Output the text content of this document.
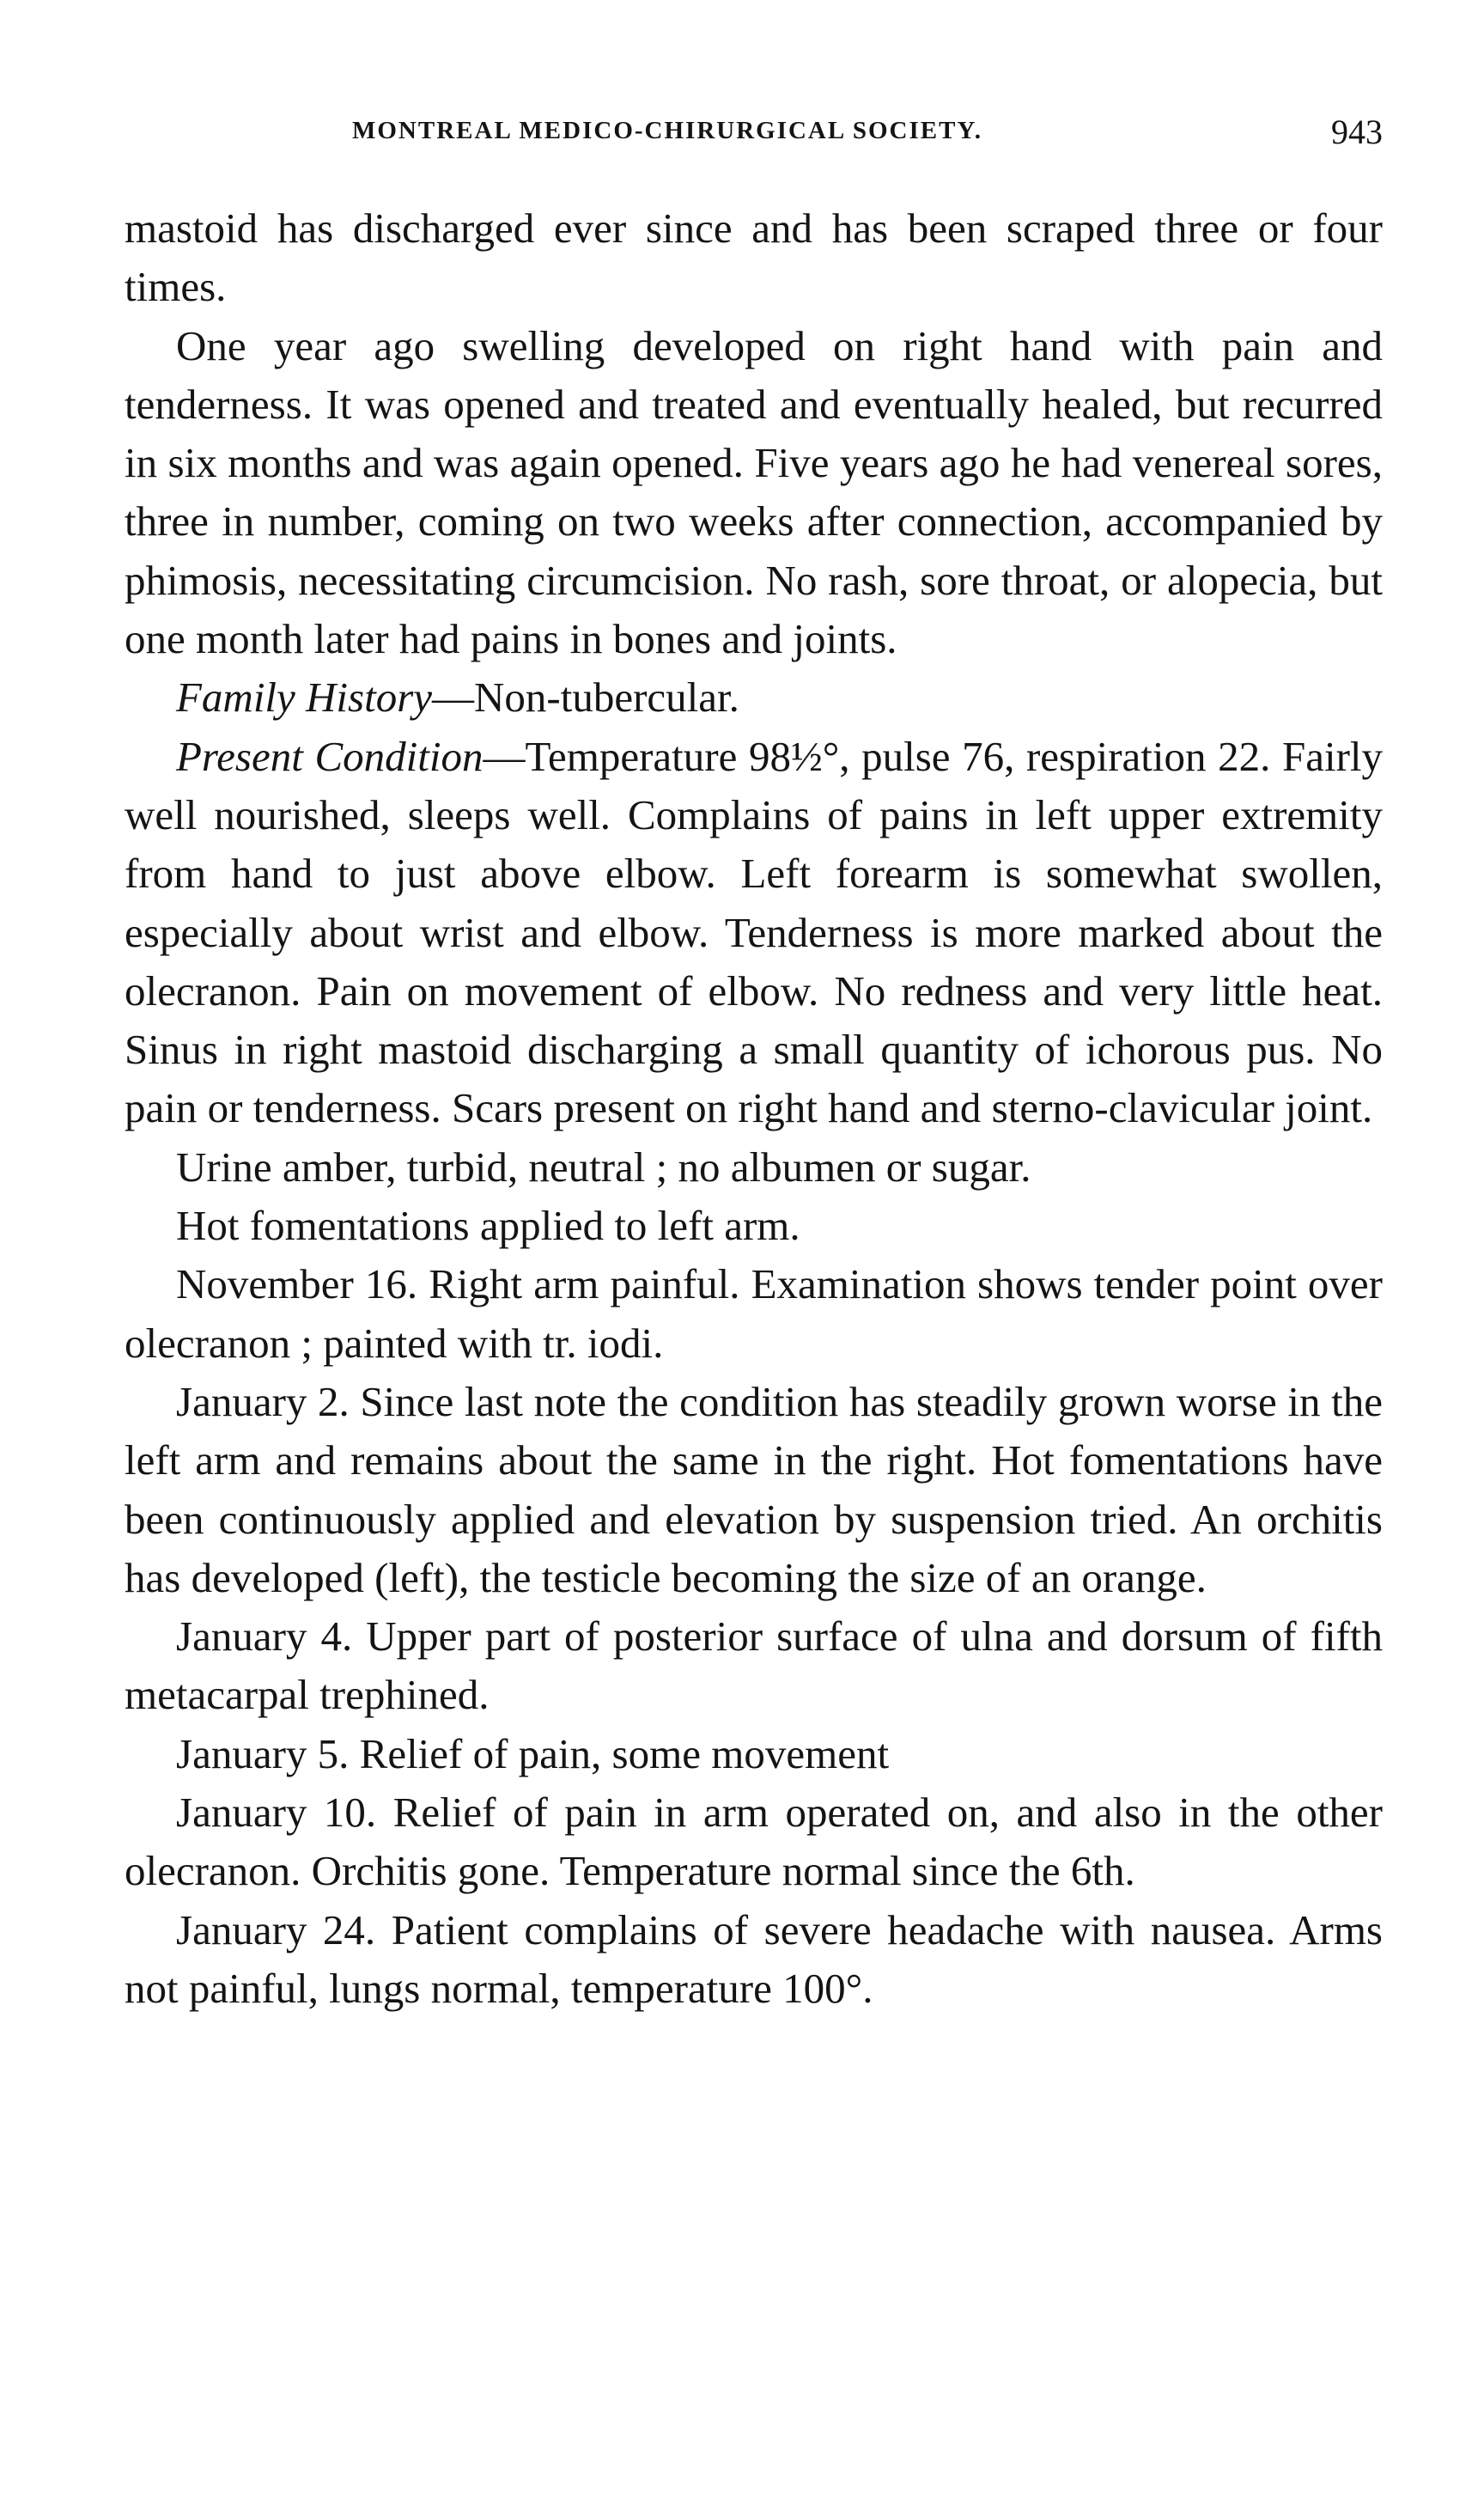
MONTREAL MEDICO-CHIRURGICAL SOCIETY.	943

mastoid has discharged ever since and has been scraped three or four times.

One year ago swelling developed on right hand with pain and tenderness. It was opened and treated and eventually healed, but recurred in six months and was again opened. Five years ago he had venereal sores, three in number, coming on two weeks after connection, accompanied by phimosis, necessitating circumcision. No rash, sore throat, or alopecia, but one month later had pains in bones and joints.

Family History—Non-tubercular.

Present Condition—Temperature 98½°, pulse 76, respiration 22. Fairly well nourished, sleeps well. Complains of pains in left upper extremity from hand to just above elbow. Left forearm is somewhat swollen, especially about wrist and elbow. Tenderness is more marked about the olecranon. Pain on movement of elbow. No redness and very little heat. Sinus in right mastoid discharging a small quantity of ichorous pus. No pain or tenderness. Scars present on right hand and sterno-clavicular joint.

Urine amber, turbid, neutral ; no albumen or sugar.

Hot fomentations applied to left arm.

November 16. Right arm painful. Examination shows tender point over olecranon ; painted with tr. iodi.

January 2. Since last note the condition has steadily grown worse in the left arm and remains about the same in the right. Hot fomentations have been continuously applied and elevation by suspension tried. An orchitis has developed (left), the testicle becoming the size of an orange.

January 4. Upper part of posterior surface of ulna and dorsum of fifth metacarpal trephined.

January 5. Relief of pain, some movement

January 10. Relief of pain in arm operated on, and also in the other olecranon. Orchitis gone. Temperature normal since the 6th.

January 24. Patient complains of severe headache with nausea. Arms not painful, lungs normal, temperature 100°.
